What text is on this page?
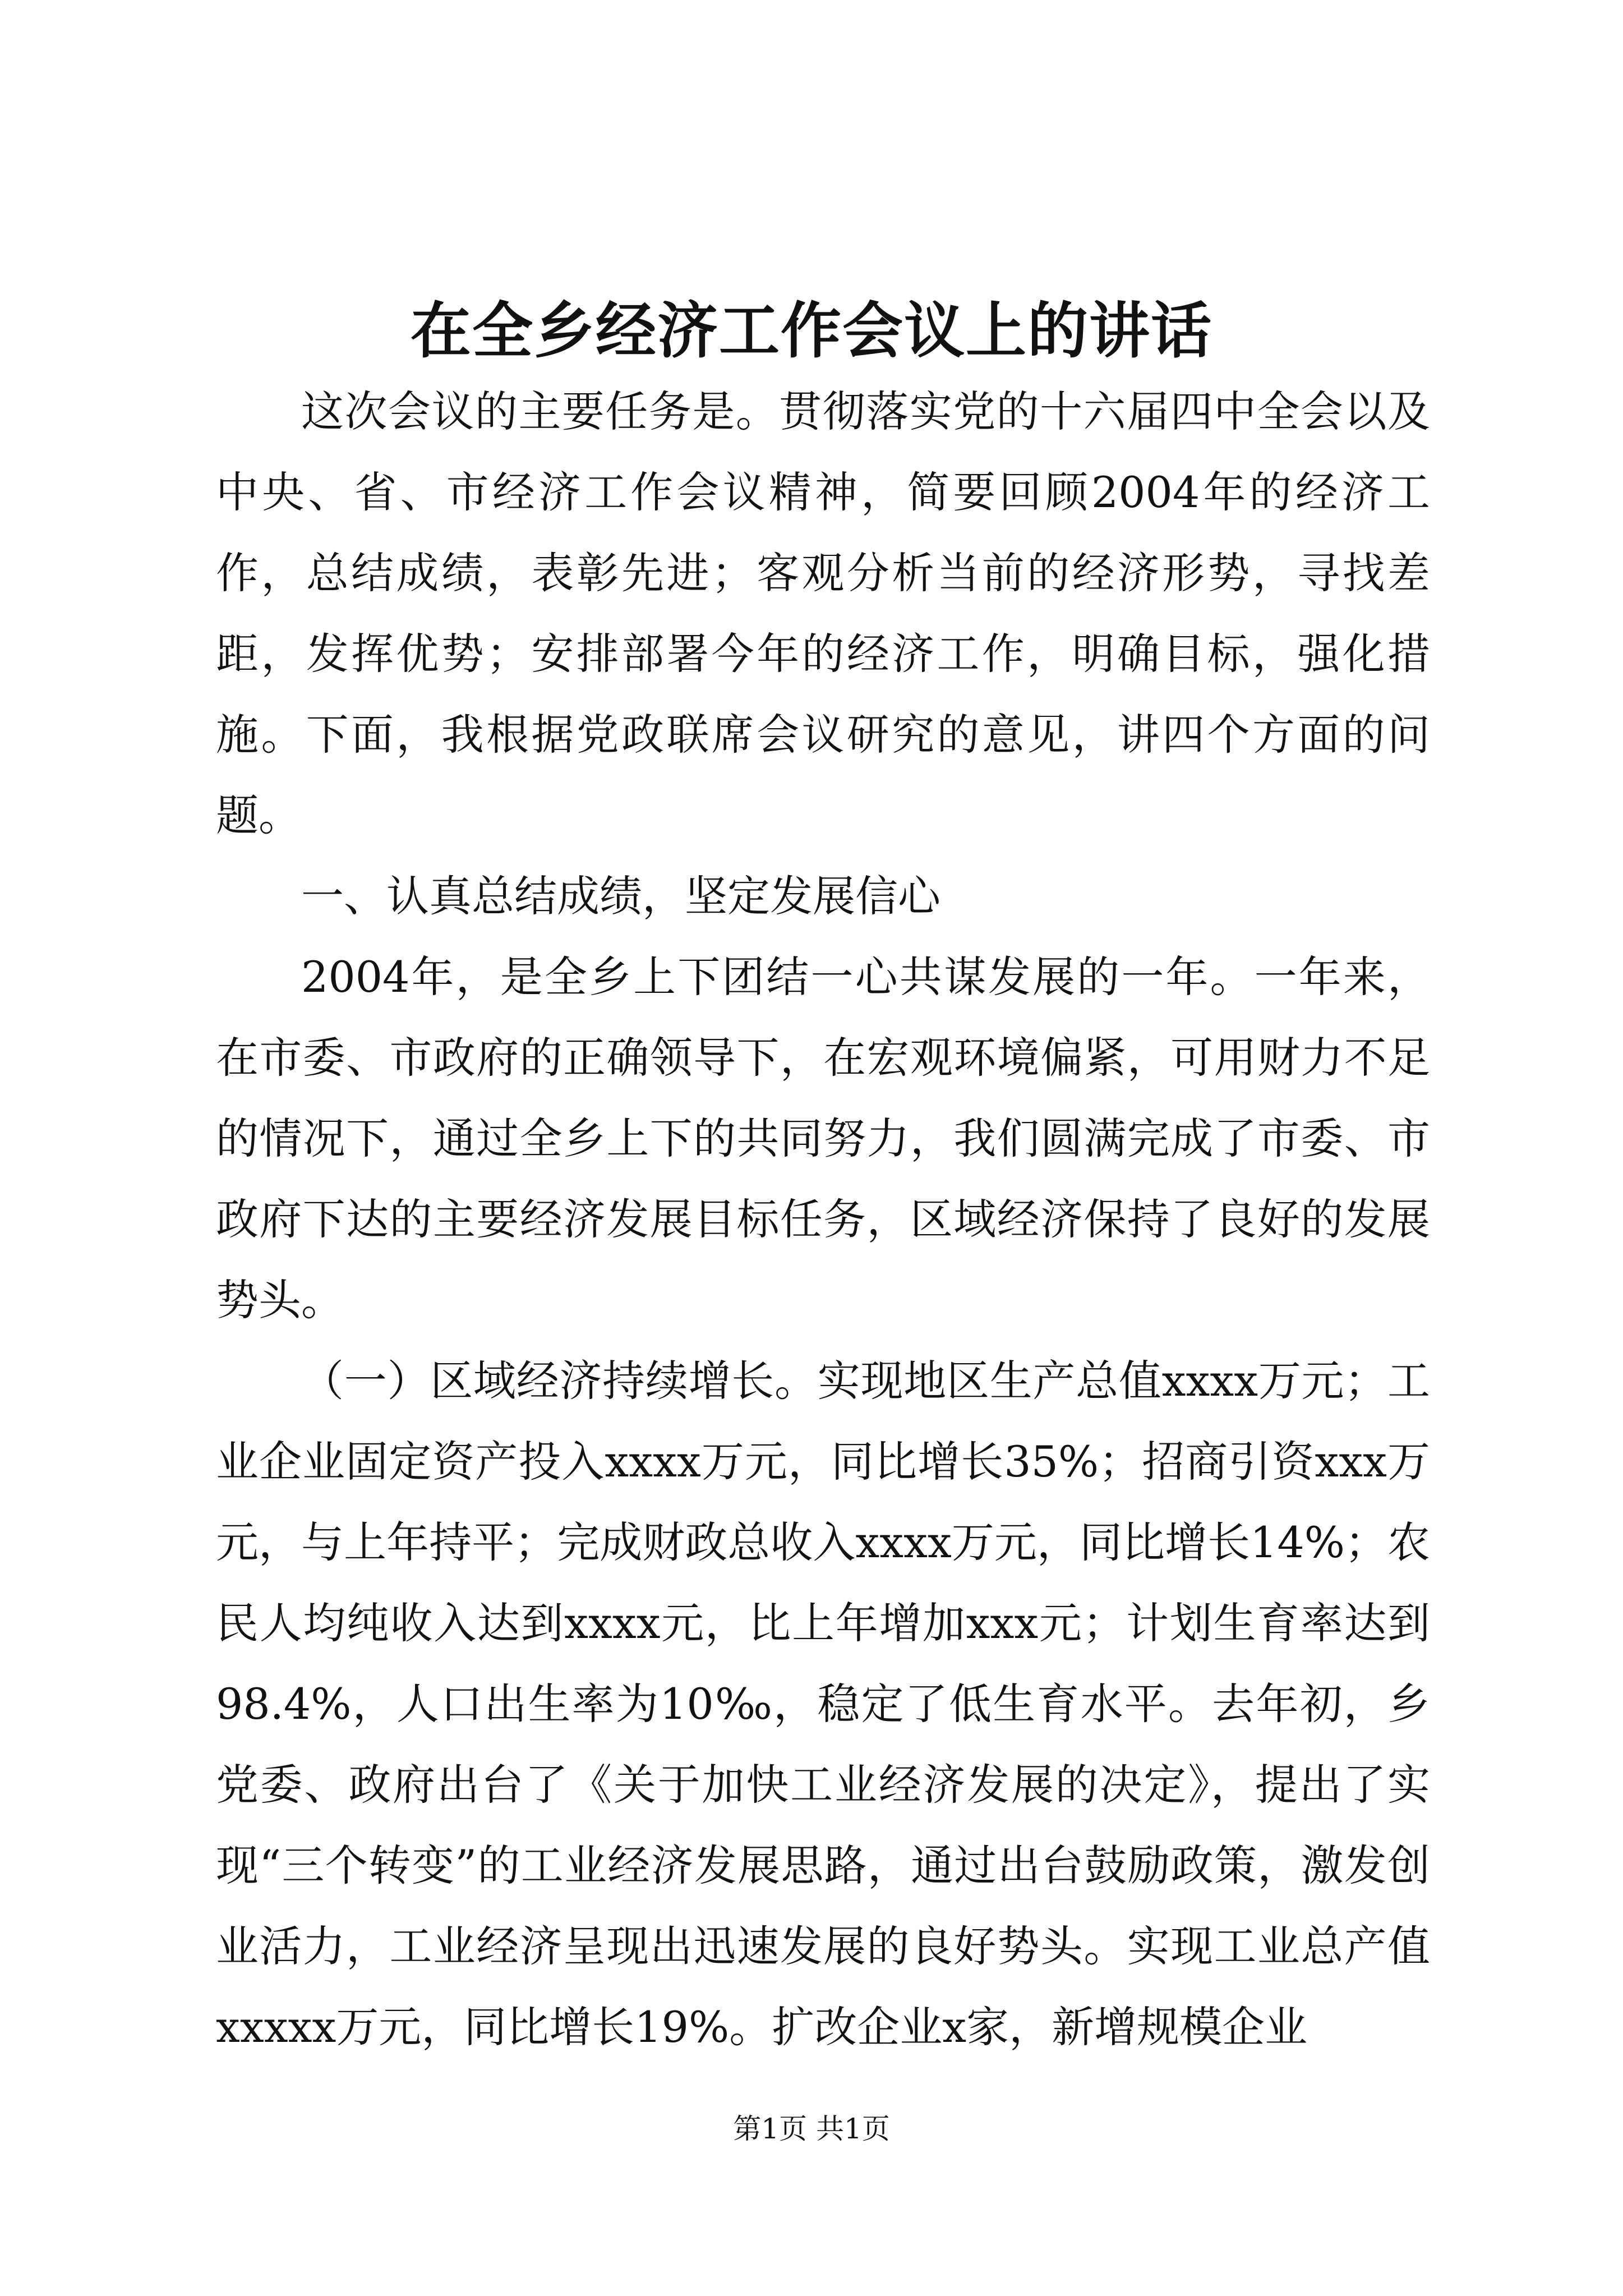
在全乡经济工作会议上的讲话

这次会议的主要任务是。贯彻落实党的十六届四中全会以及中央、省、市经济工作会议精神，简要回顾2004年的经济工作，总结成绩，表彰先进；客观分析当前的经济形势，寻找差距，发挥优势；安排部署今年的经济工作，明确目标，强化措施。下面，我根据党政联席会议研究的意见，讲四个方面的问题。

一、认真总结成绩，坚定发展信心

2004年，是全乡上下团结一心共谋发展的一年。一年来，在市委、市政府的正确领导下，在宏观环境偏紧，可用财力不足的情况下，通过全乡上下的共同努力，我们圆满完成了市委、市政府下达的主要经济发展目标任务，区域经济保持了良好的发展势头。

（一）区域经济持续增长。实现地区生产总值xxxx万元；工业企业固定资产投入xxxx万元，同比增长35%；招商引资xxx万元，与上年持平；完成财政总收入xxxx万元，同比增长14%；农民人均纯收入达到xxxx元，比上年增加xxx元；计划生育率达到98.4%，人口出生率为10‰，稳定了低生育水平。去年初，乡党委、政府出台了《关于加快工业经济发展的决定》，提出了实现“三个转变”的工业经济发展思路，通过出台鼓励政策，激发创业活力，工业经济呈现出迅速发展的良好势头。实现工业总产值xxxxx万元，同比增长19%。扩改企业x家，新增规模企业

第1页 共1页
